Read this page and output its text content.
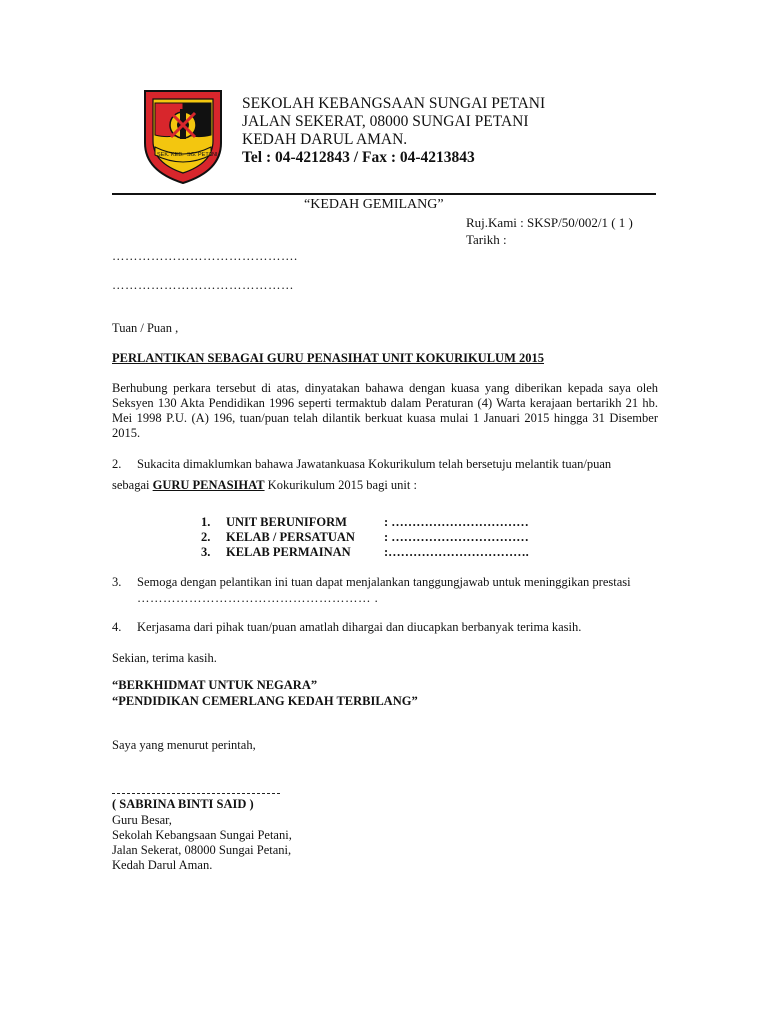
SEK. KEB. SG. PETANI
SEKOLAH KEBANGSAAN SUNGAI PETANI
JALAN SEKERAT, 08000 SUNGAI PETANI
KEDAH DARUL AMAN.
Tel : 04-4212843 / Fax : 04-4213843
“KEDAH GEMILANG”
Ruj.Kami : SKSP/50/002/1 ( 1 )
Tarikh :
…………………………………….
……………………………………
Tuan / Puan ,
PERLANTIKAN SEBAGAI GURU PENASIHAT UNIT KOKURIKULUM 2015
Berhubung perkara tersebut di atas, dinyatakan bahawa dengan kuasa yang diberikan kepada saya oleh Seksyen 130 Akta Pendidikan 1996 seperti termaktub dalam Peraturan (4) Warta kerajaan bertarikh 21 hb. Mei 1998 P.U. (A) 196, tuan/puan telah dilantik berkuat kuasa mulai 1 Januari 2015 hingga 31 Disember 2015.
2. Sukacita dimaklumkan bahawa Jawatankuasa Kokurikulum telah bersetuju melantik tuan/puan
sebagai GURU PENASIHAT Kokurikulum 2015 bagi unit :
1. UNIT BERUNIFORM	: ……………………………
2. KELAB / PERSATUAN : ……………………………
3. KELAB PERMAINAN	:…………………………….
3. Semoga dengan pelantikan ini tuan dapat menjalankan tanggungjawab untuk meninggikan prestasi
……………………………………………… .
4. Kerjasama dari pihak tuan/puan amatlah dihargai dan diucapkan berbanyak terima kasih.
Sekian, terima kasih.
“BERKHIDMAT UNTUK NEGARA”
“PENDIDIKAN CEMERLANG KEDAH TERBILANG”
Saya yang menurut perintah,
( SABRINA BINTI SAID )
Guru Besar,
Sekolah Kebangsaan Sungai Petani,
Jalan Sekerat, 08000 Sungai Petani,
Kedah Darul Aman.
